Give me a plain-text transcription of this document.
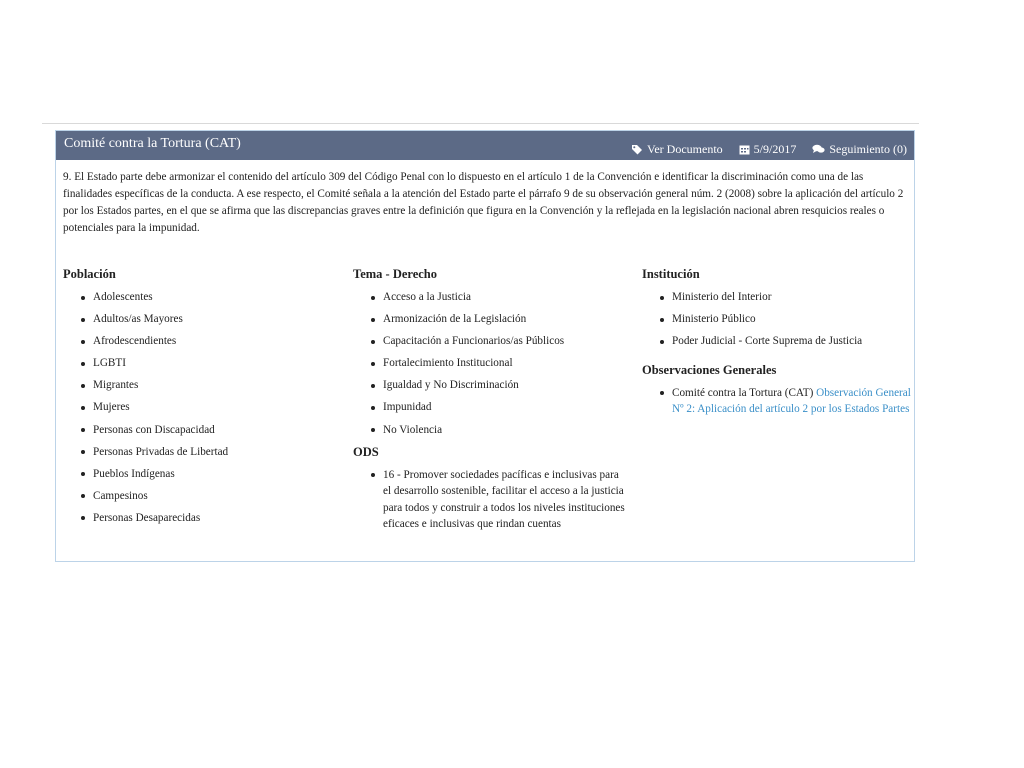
Comité contra la Tortura (CAT)	Ver Documento	5/9/2017	Seguimiento (0)

9. El Estado parte debe armonizar el contenido del artículo 309 del Código Penal con lo dispuesto en el artículo 1 de la Convención e identificar la discriminación como una de las finalidades específicas de la conducta. A ese respecto, el Comité señala a la atención del Estado parte el párrafo 9 de su observación general núm. 2 (2008) sobre la aplicación del artículo 2 por los Estados partes, en el que se afirma que las discrepancias graves entre la definición que figura en la Convención y la reflejada en la legislación nacional abren resquicios reales o potenciales para la impunidad.

Población
Adolescentes
Adultos/as Mayores
Afrodescendientes
LGBTI
Migrantes
Mujeres
Personas con Discapacidad
Personas Privadas de Libertad
Pueblos Indígenas
Campesinos
Personas Desaparecidas
Tema - Derecho
Acceso a la Justicia
Armonización de la Legislación
Capacitación a Funcionarios/as Públicos
Fortalecimiento Institucional
Igualdad y No Discriminación
Impunidad
No Violencia
ODS
16 - Promover sociedades pacíficas e inclusivas para el desarrollo sostenible, facilitar el acceso a la justicia para todos y construir a todos los niveles instituciones eficaces e inclusivas que rindan cuentas
Institución
Ministerio del Interior
Ministerio Público
Poder Judicial - Corte Suprema de Justicia
Observaciones Generales
Comité contra la Tortura (CAT) Observación General Nº 2: Aplicación del artículo 2 por los Estados Partes
